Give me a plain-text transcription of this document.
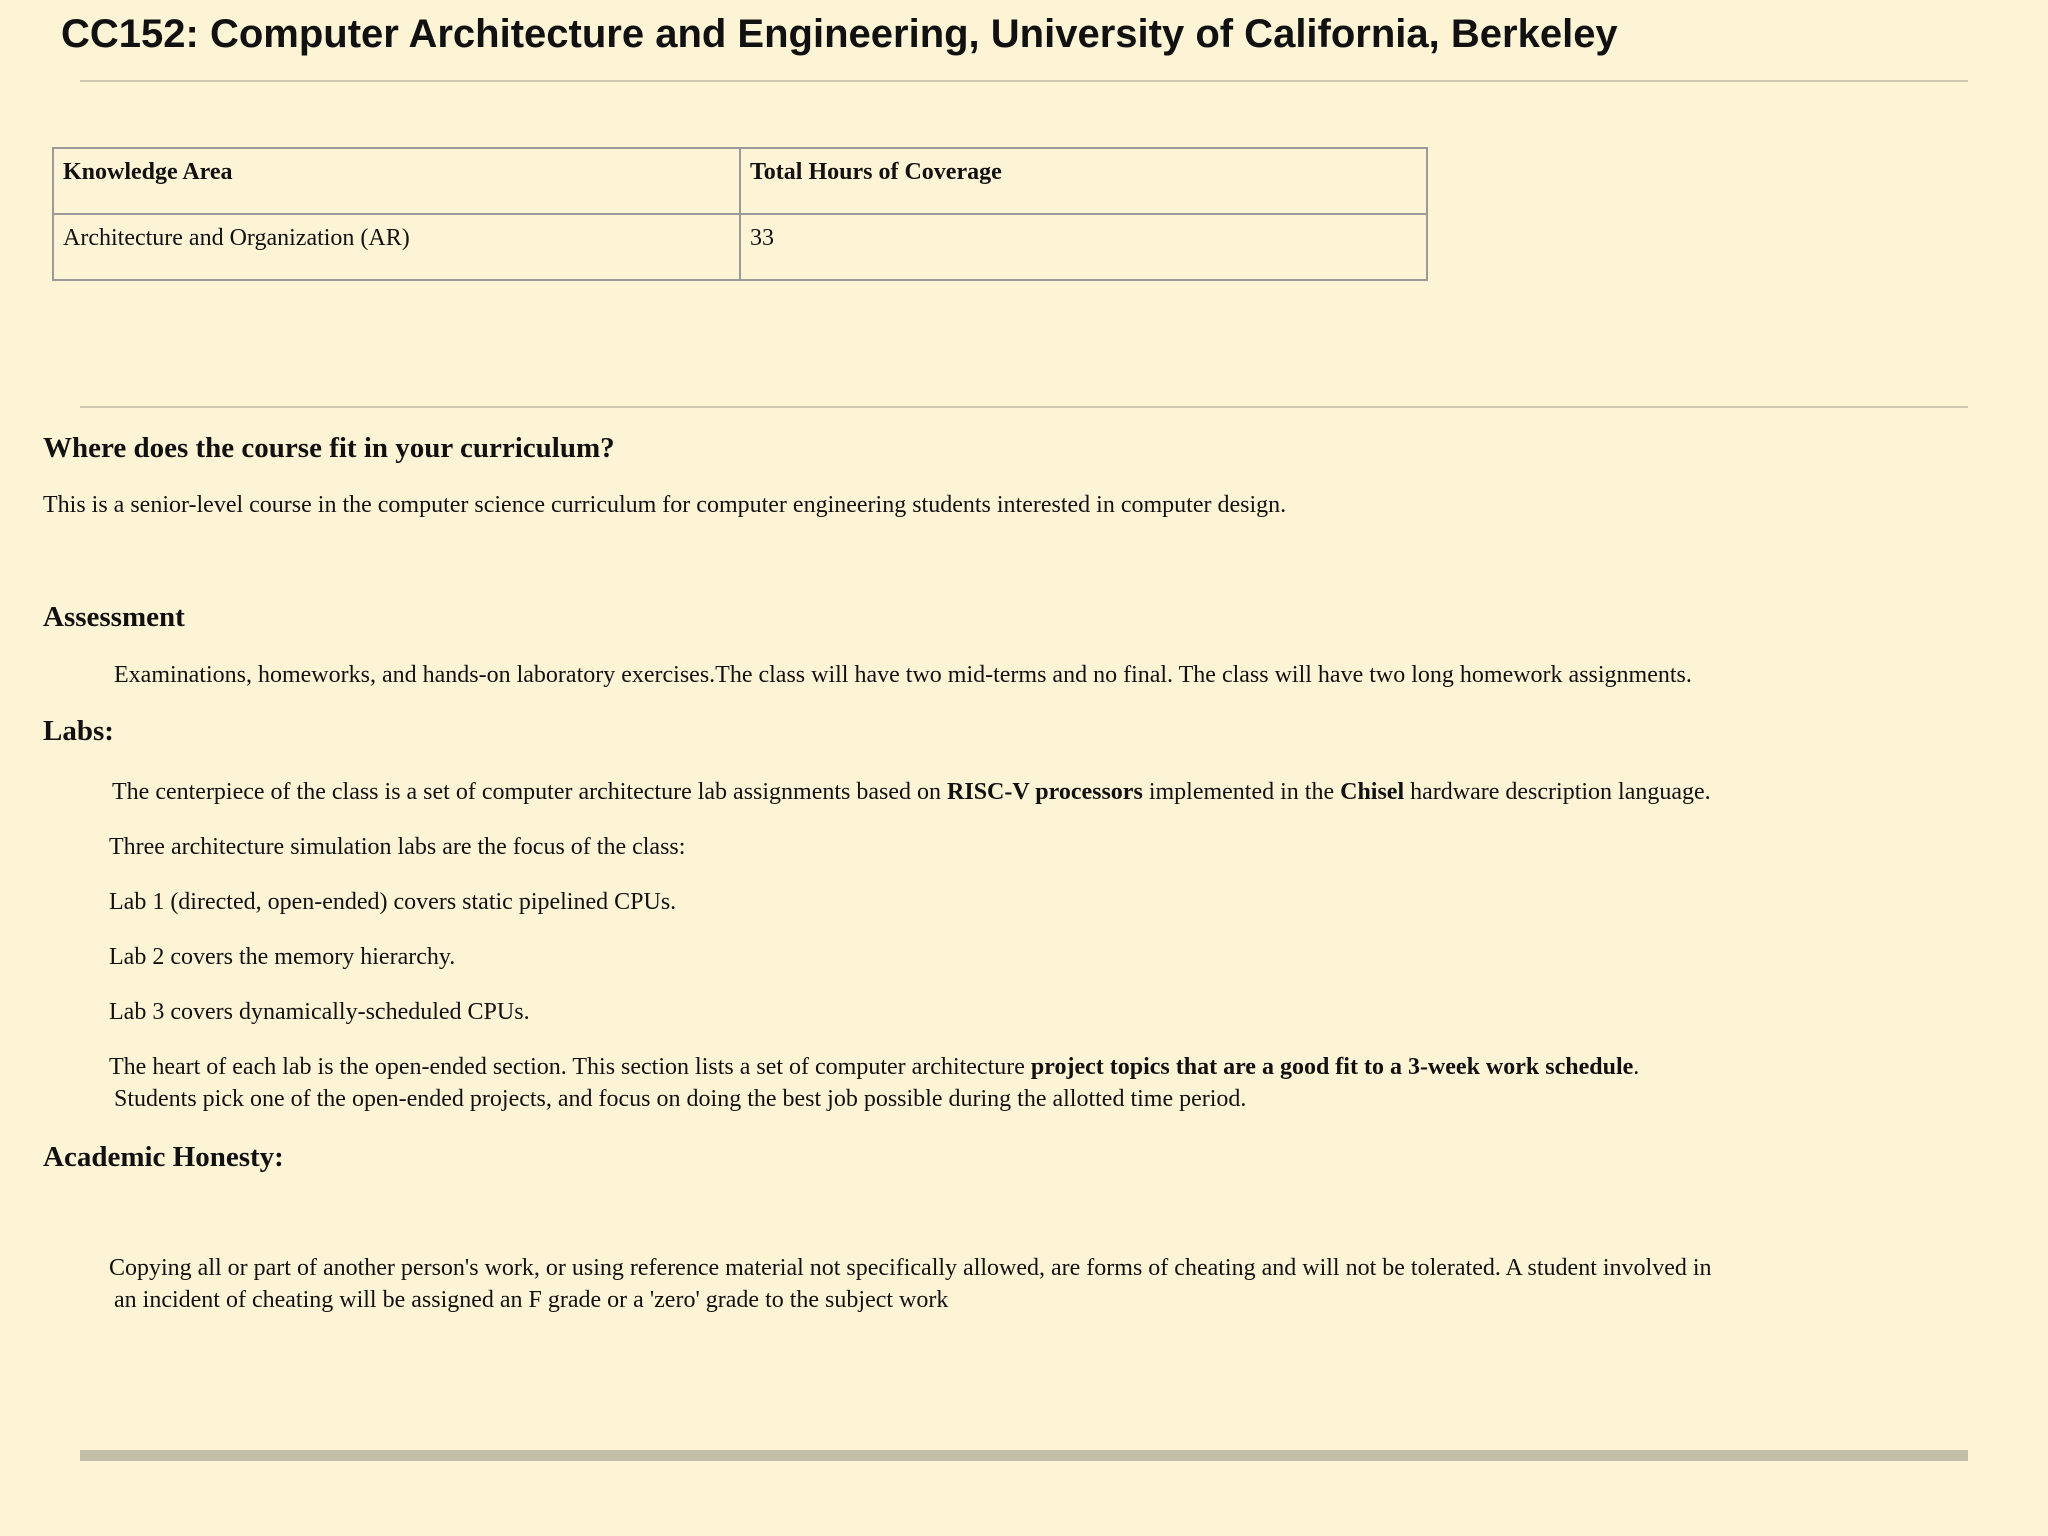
CC152: Computer Architecture and Engineering, University of California, Berkeley
Knowledge Area	Total Hours of Coverage
Architecture and Organization (AR)	33
Where does the course fit in your curriculum?

This is a senior-level course in the computer science curriculum for computer engineering students interested in computer design.

Assessment

Examinations, homeworks, and hands-on laboratory exercises.The class will have two mid-terms and no final. The class will have two long homework assignments.

Labs:

The centerpiece of the class is a set of computer architecture lab assignments based on RISC-V processors implemented in the Chisel hardware description language.

Three architecture simulation labs are the focus of the class:

Lab 1 (directed, open-ended) covers static pipelined CPUs.

Lab 2 covers the memory hierarchy.

Lab 3 covers dynamically-scheduled CPUs.

The heart of each lab is the open-ended section. This section lists a set of computer architecture project topics that are a good fit to a 3-week work schedule.

Students pick one of the open-ended projects, and focus on doing the best job possible during the allotted time period.

Academic Honesty:

Copying all or part of another person's work, or using reference material not specifically allowed, are forms of cheating and will not be tolerated. A student involved in

an incident of cheating will be assigned an F grade or a 'zero' grade to the subject work
